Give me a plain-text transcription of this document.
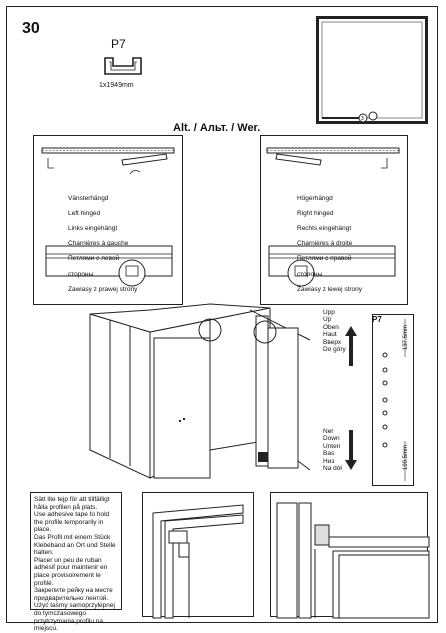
30
P7
1x1949mm
3
Alt. / Альт. / Wer.

Vänsterhängd

Left hinged

Links eingehängt

Charnières à gauche

Петлями с левой

стороны

Zawiasy z prawej strony

Högerhängd

Right hinged

Rechts eingehängt

Charnières à droite

Петлями с правой

стороны

Zawiasy z lewej strony

P7
137.5mm
199.5mm
Upp
Up
Oben
Haut
Вверх
Do góry
Ner
Down
Unten
Bas
Низ
Na dół
Sätt lite tejp för att tillfälligt hålla profilen på plats.
Use adhesive tape to hold the profile temporarily in place.
Das Profil mit einem Stück Klebeband an Ort und Stelle halten.
Placer un peu de ruban adhésif pour maintenir en place provisoirement le profilé.
Закрепите рейку на месте придварительно лентой.
Użyć taśmy samoprzylepnej do tymczasowego przytrzymania profilu na miejscu.
